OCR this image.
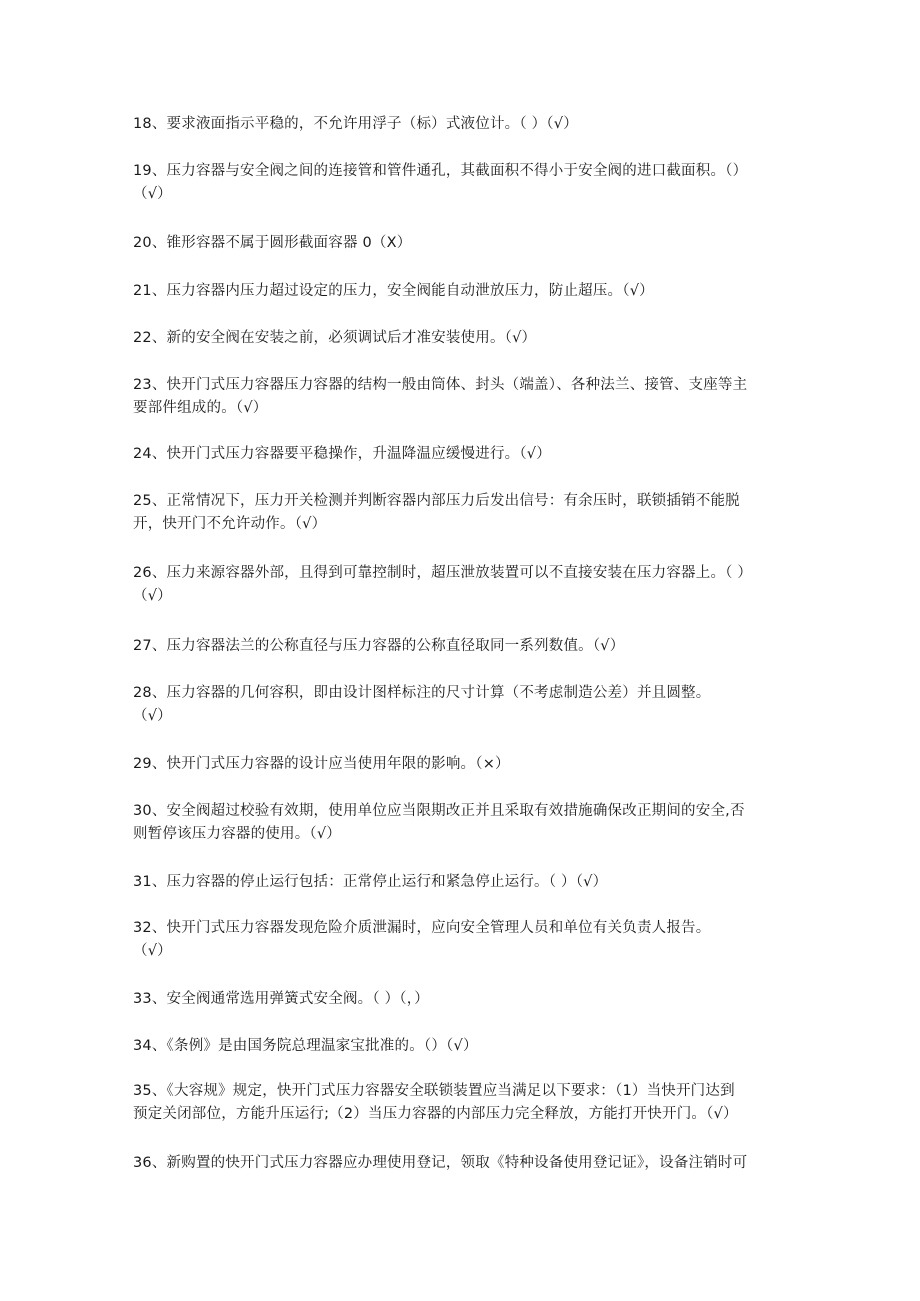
18、要求液面指示平稳的，不允许用浮子（标）式液位计。（ ）（√）
19、压力容器与安全阀之间的连接管和管件通孔，其截面积不得小于安全阀的进口截面积。（）
（√）
20、锥形容器不属于圆形截面容器 0（X）
21、压力容器内压力超过设定的压力，安全阀能自动泄放压力，防止超压。（√）
22、新的安全阀在安装之前，必须调试后才准安装使用。（√）
23、快开门式压力容器压力容器的结构一般由筒体、封头（端盖）、各种法兰、接管、支座等主
要部件组成的。（√）
24、快开门式压力容器要平稳操作，升温降温应缓慢进行。（√）
25、正常情况下，压力开关检测并判断容器内部压力后发出信号：有余压时，联锁插销不能脱
开，快开门不允许动作。（√）
26、压力来源容器外部，且得到可靠控制时，超压泄放装置可以不直接安装在压力容器上。（ ）
（√）
27、压力容器法兰的公称直径与压力容器的公称直径取同一系列数值。（√）
28、压力容器的几何容积，即由设计图样标注的尺寸计算（不考虑制造公差）并且圆整。
（√）
29、快开门式压力容器的设计应当使用年限的影响。（×）
30、安全阀超过校验有效期，使用单位应当限期改正并且采取有效措施确保改正期间的安全,否
则暂停该压力容器的使用。（√）
31、压力容器的停止运行包括：正常停止运行和紧急停止运行。（ ）（√）
32、快开门式压力容器发现危险介质泄漏时，应向安全管理人员和单位有关负责人报告。
（√）
33、安全阀通常选用弹簧式安全阀。（ ）（，）
34、《条例》是由国务院总理温家宝批准的。（）（√）
35、《大容规》规定，快开门式压力容器安全联锁装置应当满足以下要求：（1）当快开门达到
预定关闭部位，方能升压运行;（2）当压力容器的内部压力完全释放，方能打开快开门。（√）
36、新购置的快开门式压力容器应办理使用登记，领取《特种设备使用登记证》，设备注销时可
